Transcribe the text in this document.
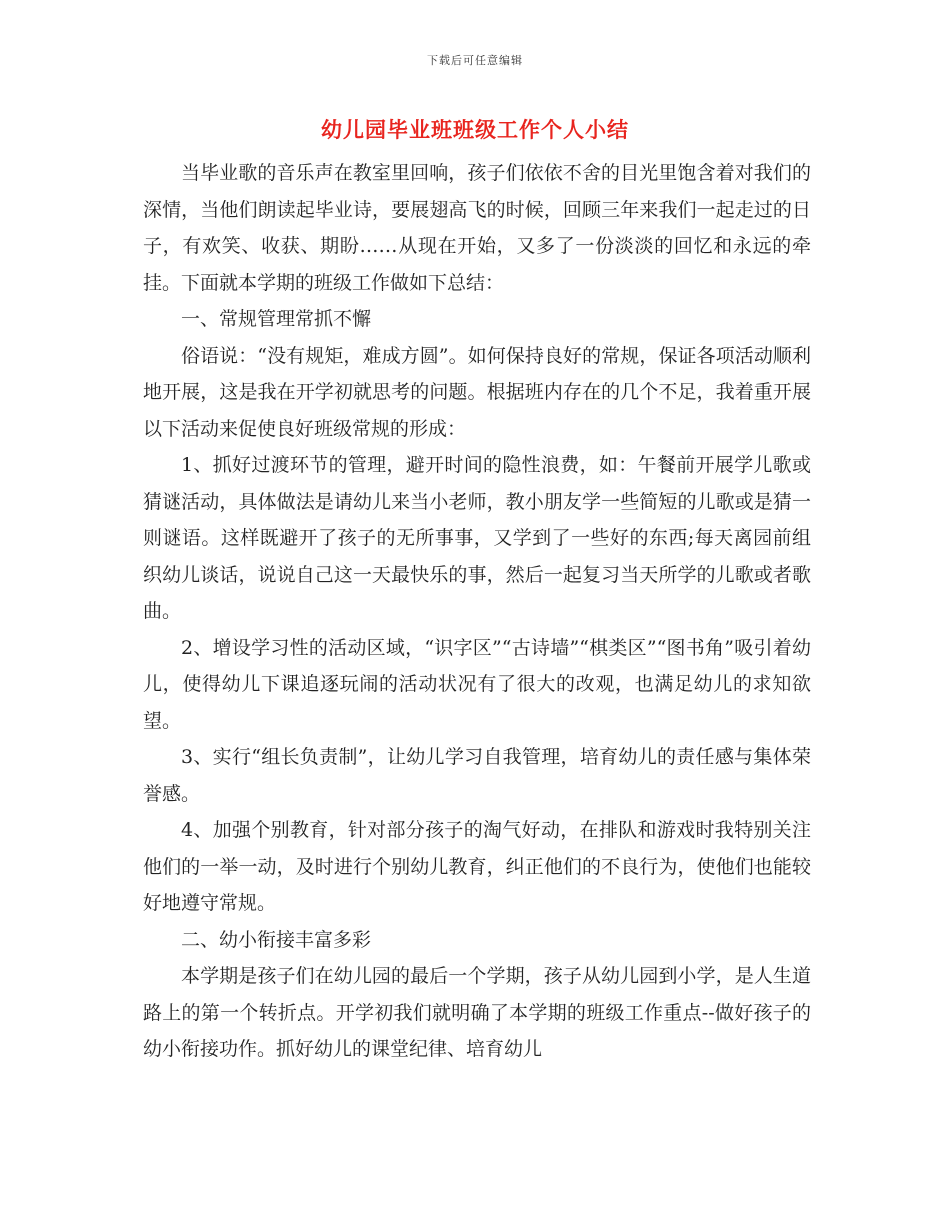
下载后可任意编辑
幼儿园毕业班班级工作个人小结

当毕业歌的音乐声在教室里回响，孩子们依依不舍的目光里饱含着对我们的深情，当他们朗读起毕业诗，要展翅高飞的时候，回顾三年来我们一起走过的日子，有欢笑、收获、期盼……从现在开始，又多了一份淡淡的回忆和永远的牵挂。下面就本学期的班级工作做如下总结：

一、常规管理常抓不懈

俗语说：“没有规矩，难成方圆”。如何保持良好的常规，保证各项活动顺利地开展，这是我在开学初就思考的问题。根据班内存在的几个不足，我着重开展以下活动来促使良好班级常规的形成：

1、抓好过渡环节的管理，避开时间的隐性浪费，如：午餐前开展学儿歌或猜谜活动，具体做法是请幼儿来当小老师，教小朋友学一些简短的儿歌或是猜一则谜语。这样既避开了孩子的无所事事，又学到了一些好的东西;每天离园前组织幼儿谈话，说说自己这一天最快乐的事，然后一起复习当天所学的儿歌或者歌曲。

2、增设学习性的活动区域，“识字区”“古诗墙”“棋类区”“图书角”吸引着幼儿，使得幼儿下课追逐玩闹的活动状况有了很大的改观，也满足幼儿的求知欲望。

3、实行“组长负责制”，让幼儿学习自我管理，培育幼儿的责任感与集体荣誉感。

4、加强个别教育，针对部分孩子的淘气好动，在排队和游戏时我特别关注他们的一举一动，及时进行个别幼儿教育，纠正他们的不良行为，使他们也能较好地遵守常规。

二、幼小衔接丰富多彩

本学期是孩子们在幼儿园的最后一个学期，孩子从幼儿园到小学，是人生道路上的第一个转折点。开学初我们就明确了本学期的班级工作重点--做好孩子的幼小衔接功作。抓好幼儿的课堂纪律、培育幼儿
